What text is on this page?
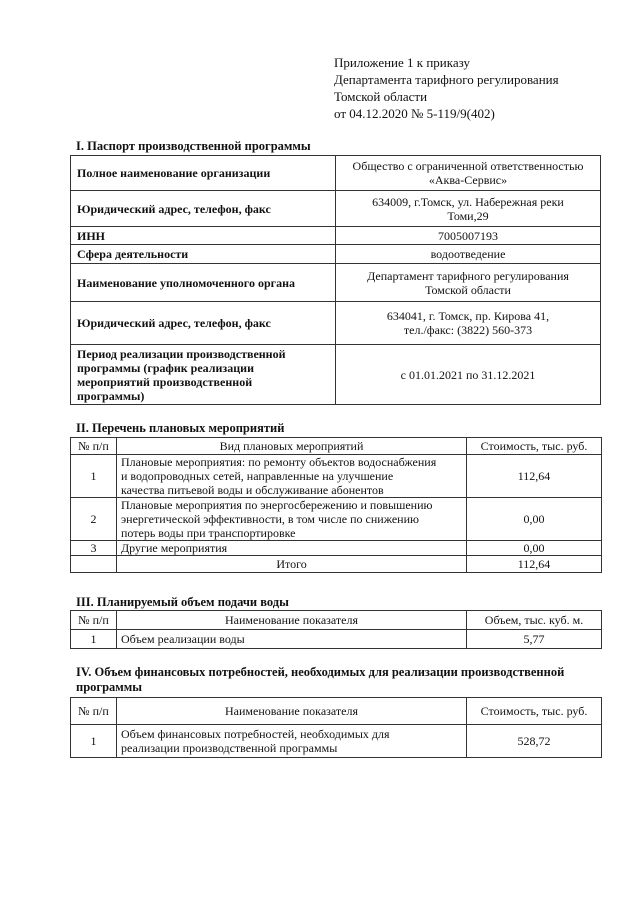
Приложение 1 к приказу
Департамента тарифного регулирования
Томской области
от 04.12.2020 № 5-119/9(402)
I. Паспорт производственной программы
Полное наименование организации	Общество с ограниченной ответственностью
«Аква-Сервис»

Юридический адрес, телефон, факс	634009, г.Томск, ул. Набережная реки
Томи,29

ИНН	7005007193
Сфера деятельности	водоотведение
Наименование уполномоченного органа	Департамент тарифного регулирования
Томской области

Юридический адрес, телефон, факс	634041, г. Томск, пр. Кирова 41,
тел./факс: (3822) 560-373

Период реализации производственной
программы (график реализации
мероприятий производственной
программы)	с 01.01.2021 по 31.12.2021
II. Перечень плановых мероприятий
№ п/п	Вид плановых мероприятий	Стоимость, тыс. руб.
1	Плановые мероприятия: по ремонту объектов водоснабжения
и водопроводных сетей, направленные на улучшение
качества питьевой воды и обслуживание абонентов	112,64
2	Плановые мероприятия по энергосбережению и повышению
энергетической эффективности, в том числе по снижению
потерь воды при транспортировке	0,00
3	Другие мероприятия	0,00
	Итого	112,64
III. Планируемый объем подачи воды
№ п/п	Наименование показателя	Объем, тыс. куб. м.
1	Объем реализации воды	5,77
IV. Объем финансовых потребностей, необходимых для реализации производственной
программы
№ п/п	Наименование показателя	Стоимость, тыс. руб.
1	Объем финансовых потребностей, необходимых для
реализации производственной программы	528,72
